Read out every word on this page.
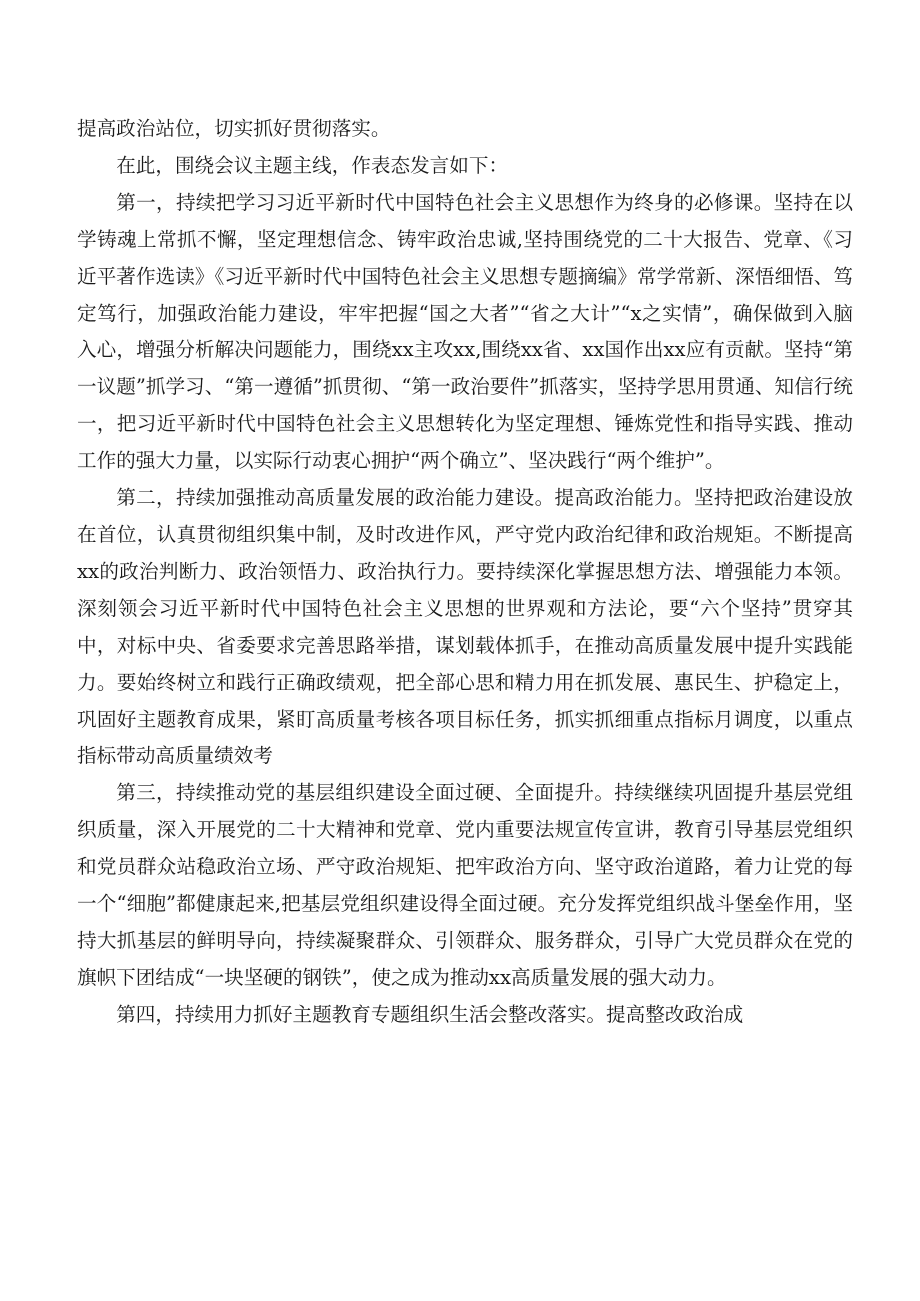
提高政治站位，切实抓好贯彻落实。

在此，围绕会议主题主线，作表态发言如下：

第一，持续把学习习近平新时代中国特色社会主义思想作为终身的必修课。坚持在以学铸魂上常抓不懈，坚定理想信念、铸牢政治忠诚,坚持围绕党的二十大报告、党章、《习近平著作选读》《习近平新时代中国特色社会主义思想专题摘编》常学常新、深悟细悟、笃定笃行，加强政治能力建设，牢牢把握“国之大者”“省之大计”“x之实情”，确保做到入脑入心，增强分析解决问题能力，围绕xx主攻xx,围绕xx省、xx国作出xx应有贡献。坚持“第一议题”抓学习、“第一遵循”抓贯彻、“第一政治要件”抓落实，坚持学思用贯通、知信行统一，把习近平新时代中国特色社会主义思想转化为坚定理想、锤炼党性和指导实践、推动工作的强大力量，以实际行动衷心拥护“两个确立”、坚决践行“两个维护”。

第二，持续加强推动高质量发展的政治能力建设。提高政治能力。坚持把政治建设放在首位，认真贯彻组织集中制，及时改进作风，严守党内政治纪律和政治规矩。不断提高xx的政治判断力、政治领悟力、政治执行力。要持续深化掌握思想方法、增强能力本领。深刻领会习近平新时代中国特色社会主义思想的世界观和方法论，要“六个坚持”贯穿其中，对标中央、省委要求完善思路举措，谋划载体抓手，在推动高质量发展中提升实践能力。要始终树立和践行正确政绩观，把全部心思和精力用在抓发展、惠民生、护稳定上，巩固好主题教育成果，紧盯高质量考核各项目标任务，抓实抓细重点指标月调度，以重点指标带动高质量绩效考

第三，持续推动党的基层组织建设全面过硬、全面提升。持续继续巩固提升基层党组织质量，深入开展党的二十大精神和党章、党内重要法规宣传宣讲，教育引导基层党组织和党员群众站稳政治立场、严守政治规矩、把牢政治方向、坚守政治道路，着力让党的每一个“细胞”都健康起来,把基层党组织建设得全面过硬。充分发挥党组织战斗堡垒作用，坚持大抓基层的鲜明导向，持续凝聚群众、引领群众、服务群众，引导广大党员群众在党的旗帜下团结成“一块坚硬的钢铁”，使之成为推动xx高质量发展的强大动力。

第四，持续用力抓好主题教育专题组织生活会整改落实。提高整改政治成
